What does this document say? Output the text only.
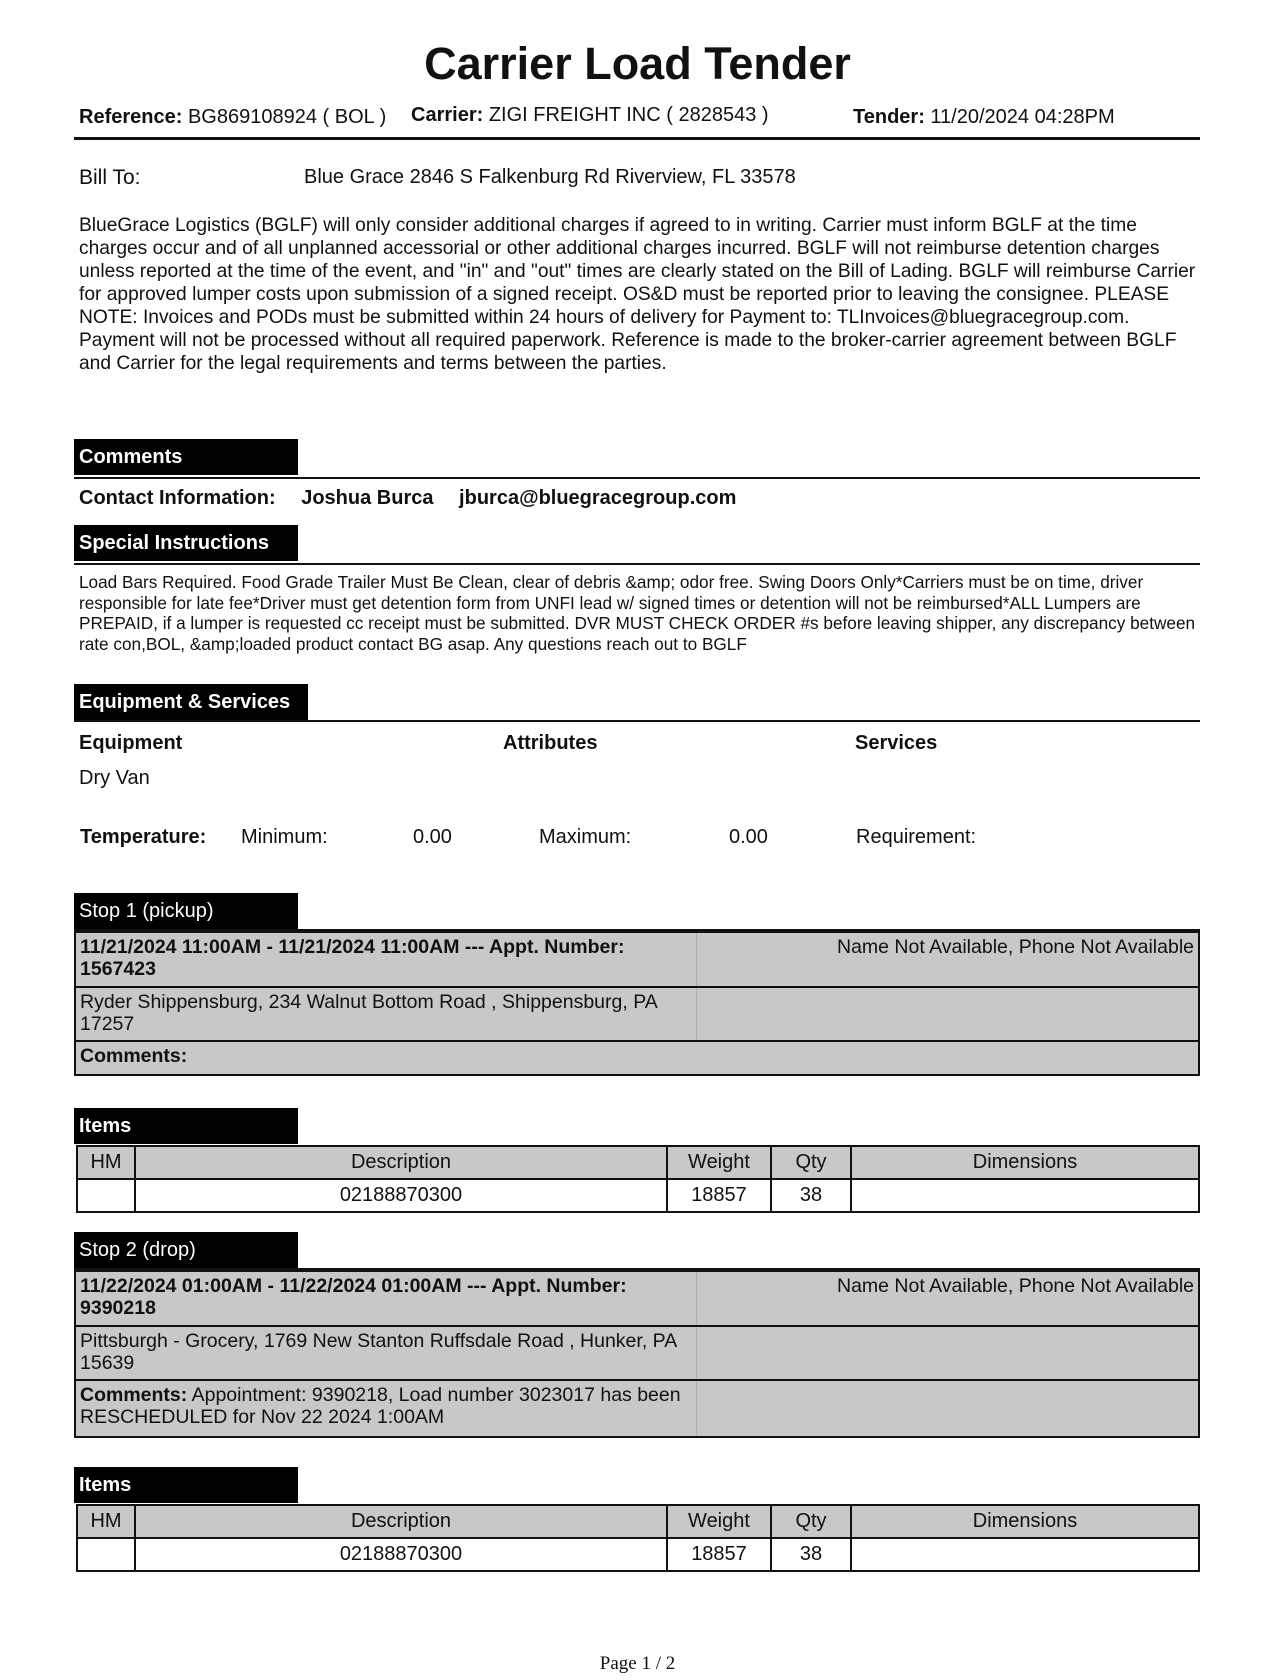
Carrier Load Tender
Reference: BG869108924 ( BOL ) Carrier: ZIGI FREIGHT INC ( 2828543 )	Tender: 11/20/2024 04:28PM
Bill To:	Blue Grace 2846 S Falkenburg Rd Riverview, FL 33578

BlueGrace Logistics (BGLF) will only consider additional charges if agreed to in writing. Carrier must inform BGLF at the time charges occur and of all unplanned accessorial or other additional charges incurred. BGLF will not reimburse detention charges unless reported at the time of the event, and "in" and "out" times are clearly stated on the Bill of Lading. BGLF will reimburse Carrier for approved lumper costs upon submission of a signed receipt. OS&D must be reported prior to leaving the consignee. PLEASE NOTE: Invoices and PODs must be submitted within 24 hours of delivery for Payment to: TLInvoices@bluegracegroup.com. Payment will not be processed without all required paperwork. Reference is made to the broker-carrier agreement between BGLF and Carrier for the legal requirements and terms between the parties.

Comments
Contact Information: Joshua Burca jburca@bluegracegroup.com
Special Instructions

Load Bars Required. Food Grade Trailer Must Be Clean, clear of debris &amp; odor free. Swing Doors Only*Carriers must be on time, driver responsible for late fee*Driver must get detention form from UNFI lead w/ signed times or detention will not be reimbursed*ALL Lumpers are PREPAID, if a lumper is requested cc receipt must be submitted. DVR MUST CHECK ORDER #s before leaving shipper, any discrepancy between rate con,BOL, &amp;loaded product contact BG asap. Any questions reach out to BGLF

Equipment & Services
Equipment	Attributes	Services
Dry Van
Temperature: Minimum:	0.00	Maximum:	0.00	Requirement:
Stop 1 (pickup)
11/21/2024 11:00AM - 11/21/2024 11:00AM --- Appt. Number: 1567423
Name Not Available, Phone Not Available
Ryder Shippensburg, 234 Walnut Bottom Road , Shippensburg, PA 17257
Comments:
Items
HM	Description	Weight	Qty	Dimensions
	02188870300	18857	38	
Stop 2 (drop)
11/22/2024 01:00AM - 11/22/2024 01:00AM --- Appt. Number: 9390218
Name Not Available, Phone Not Available
Pittsburgh - Grocery, 1769 New Stanton Ruffsdale Road , Hunker, PA 15639
Comments: Appointment: 9390218, Load number 3023017 has been RESCHEDULED for Nov 22 2024 1:00AM
Items
HM	Description	Weight	Qty	Dimensions
	02188870300	18857	38	
Page 1 / 2
